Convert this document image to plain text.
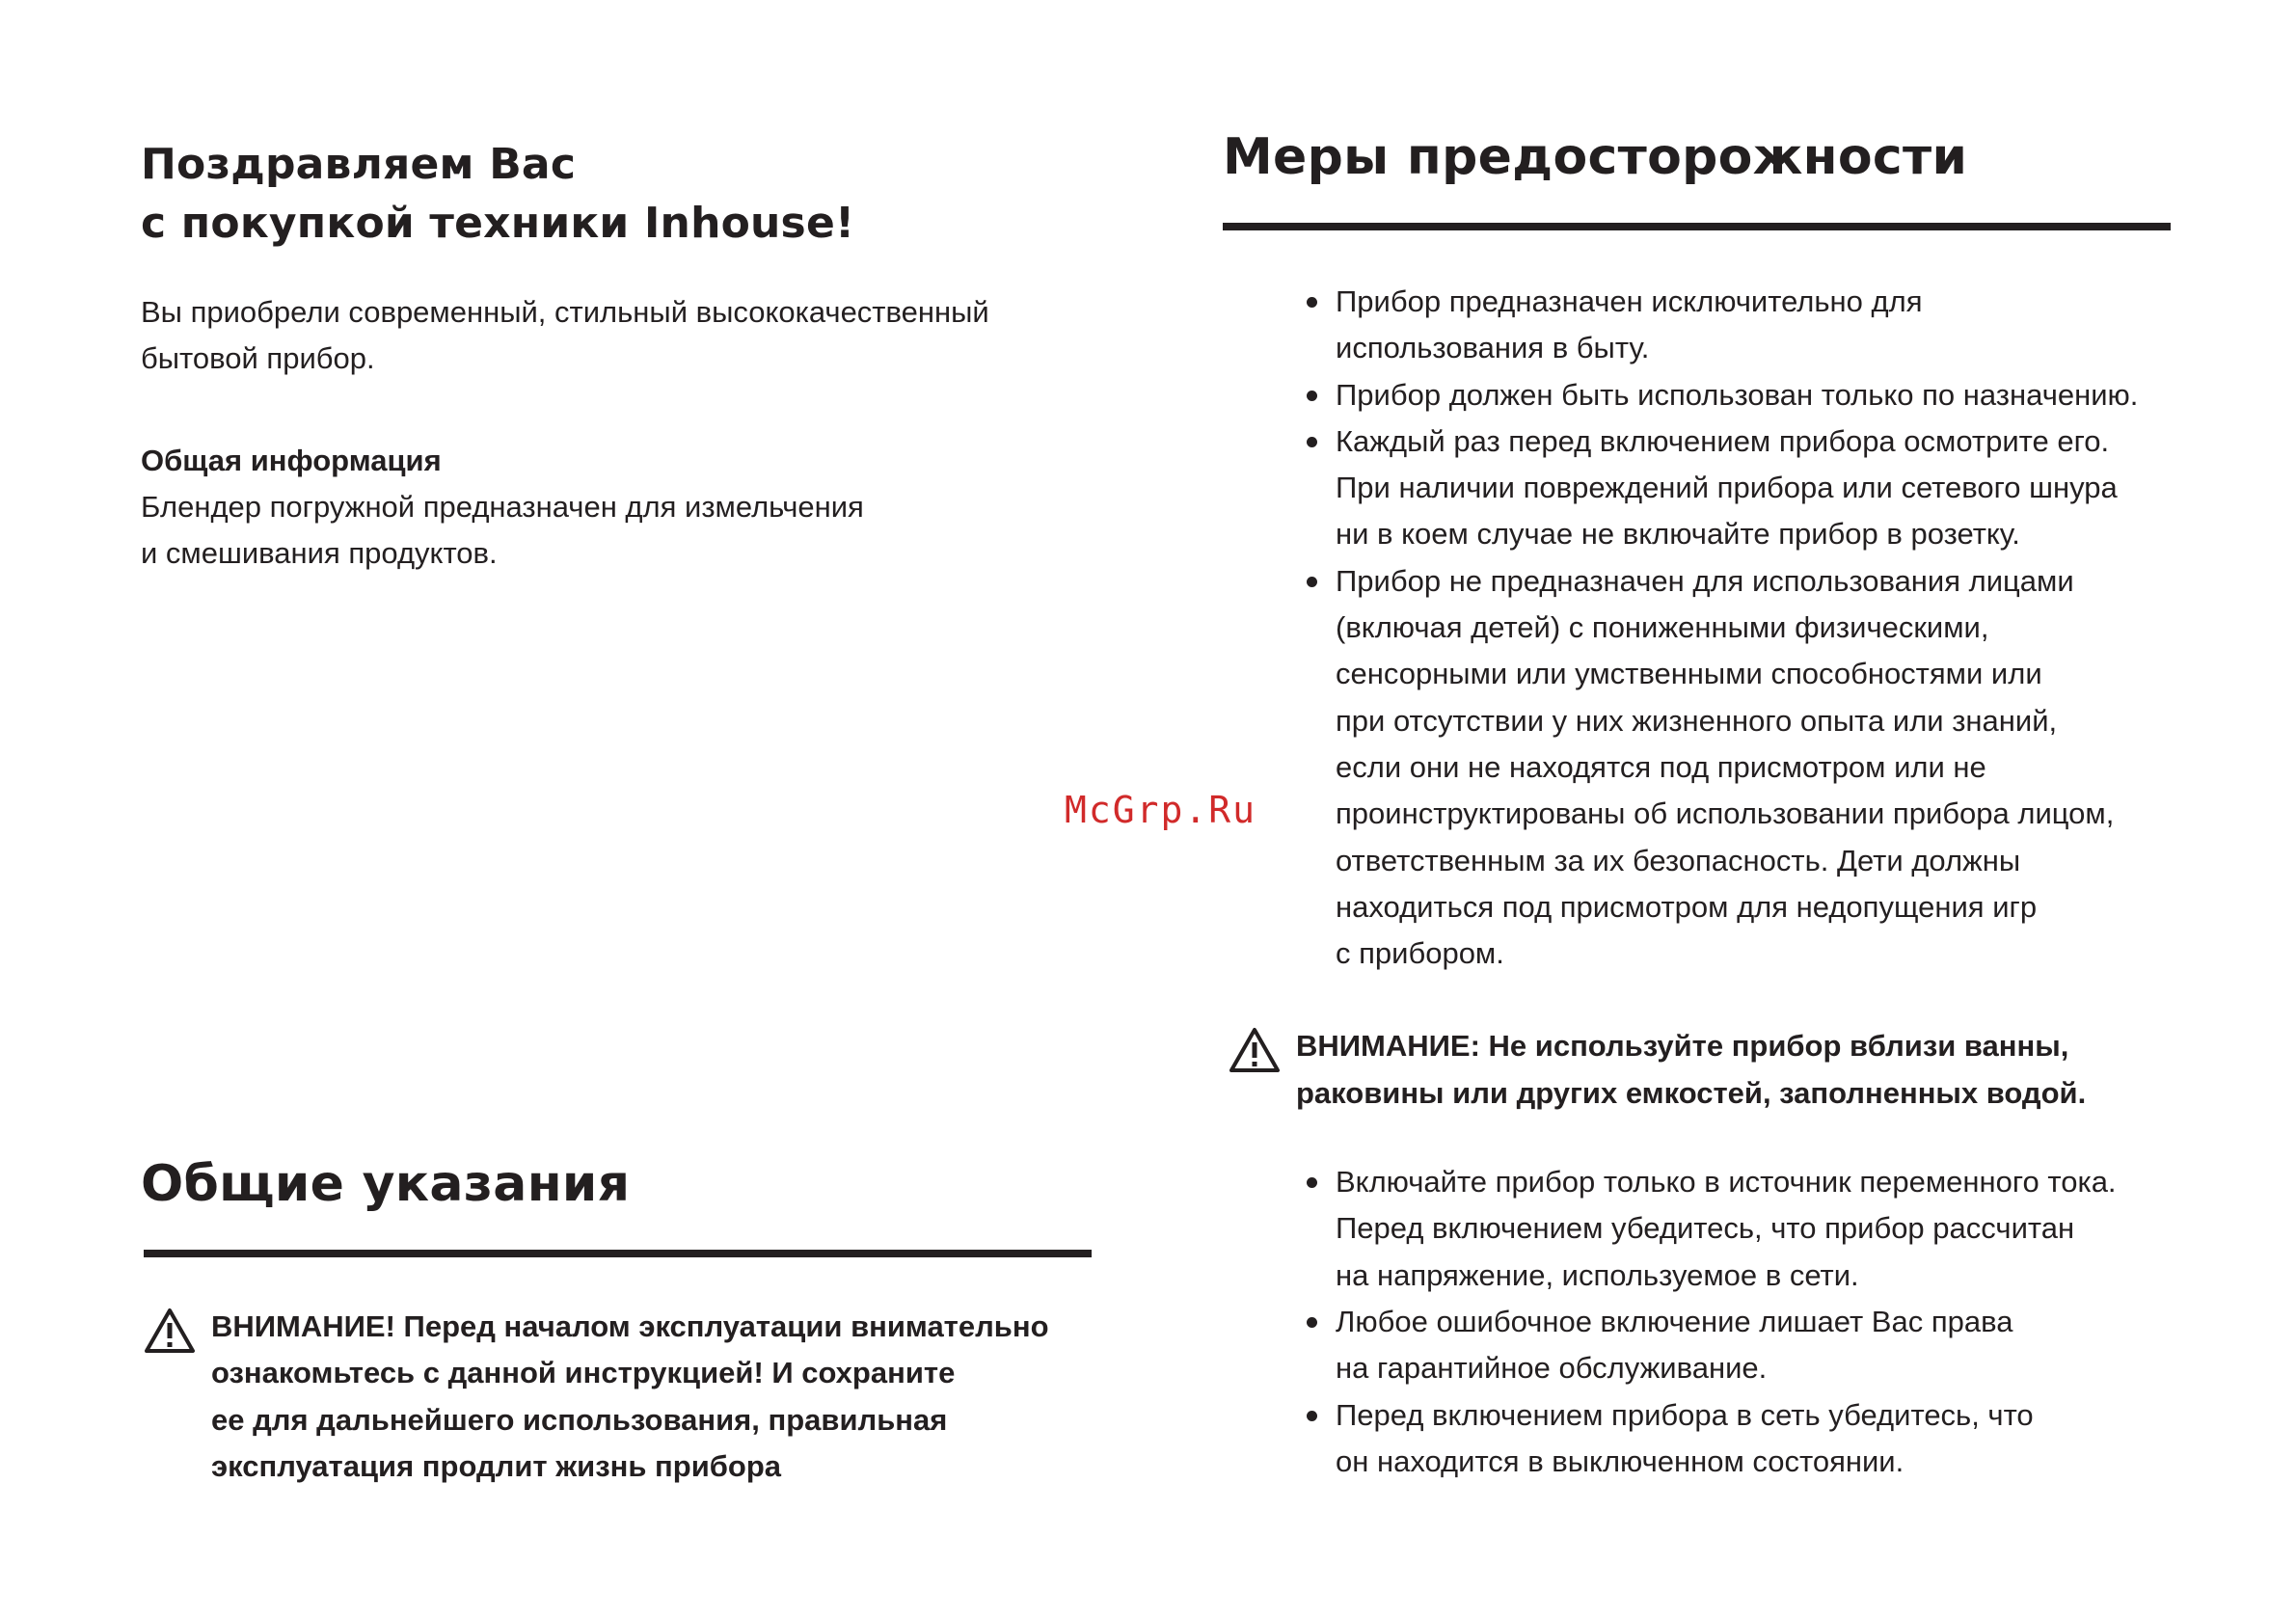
Поздравляем Вас
с покупкой техники Inhouse!

Вы приобрели современный, стильный высококачественный
бытовой прибор.

Общая информация

Блендер погружной предназначен для измельчения
и смешивания продуктов.

Общие указания
ВНИМАНИЕ! Перед началом эксплуатации внимательно
ознакомьтесь с данной инструкцией! И сохраните
ее для дальнейшего использования, правильная
эксплуатация продлит жизнь прибора
Меры предосторожности
Прибор предназначен исключительно для
использования в быту.
Прибор должен быть использован только по назначению.
Каждый раз перед включением прибора осмотрите его.
При наличии повреждений прибора или сетевого шнура
ни в коем случае не включайте прибор в розетку.
Прибор не предназначен для использования лицами
(включая детей) с пониженными физическими,
сенсорными или умственными способностями или
при отсутствии у них жизненного опыта или знаний,
если они не находятся под присмотром или не
проинструктированы об использовании прибора лицом,
ответственным за их безопасность. Дети должны
находиться под присмотром для недопущения игр
с прибором.
ВНИМАНИЕ: Не используйте прибор вблизи ванны,
раковины или других емкостей, заполненных водой.
Включайте прибор только в источник переменного тока.
Перед включением убедитесь, что прибор рассчитан
на напряжение, используемое в сети.
Любое ошибочное включение лишает Вас права
на гарантийное обслуживание.
Перед включением прибора в сеть убедитесь, что
он находится в выключенном состоянии.
McGrp.Ru
